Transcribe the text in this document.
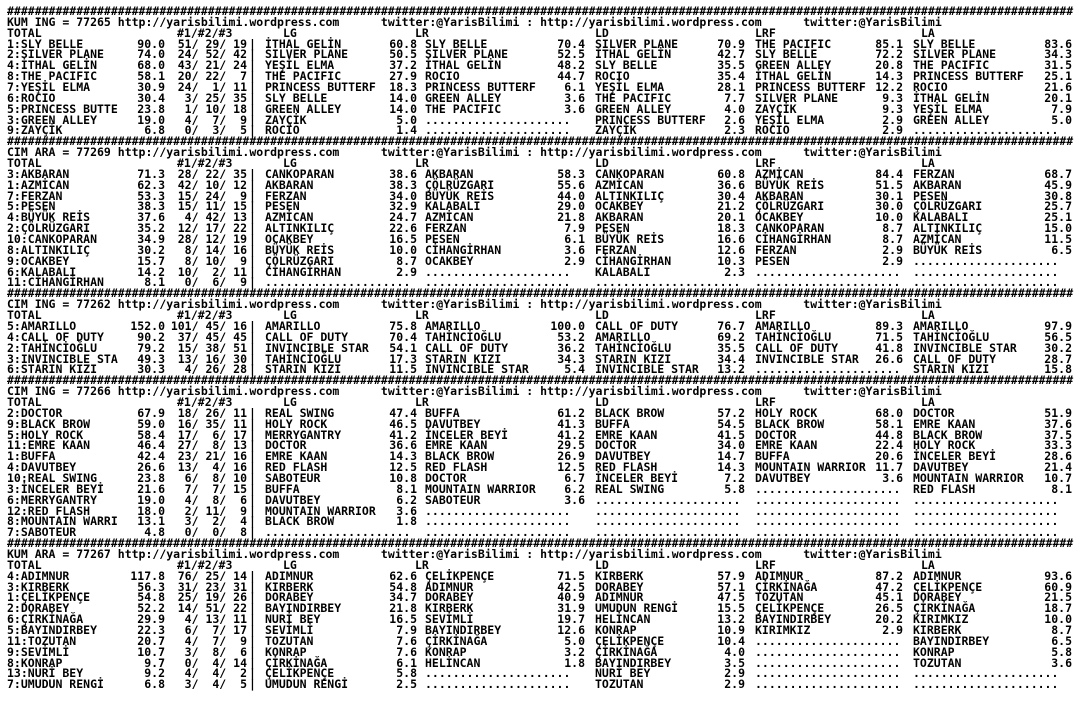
##########################################################################################################################################################
KUM ING = 77265 http://yarisbilimi.wordpress.com	twitter:@YarisBilimi : http://yarisbilimi.wordpress.com	twitter:@YarisBilimi
TOTAL	#1/#2/#3	LG	LR	LD	LRF	LA
1:SLY BELLE	90.0 51/ 29/ 19 | İTHAL GELİN	60.8 SLY BELLE	70.4 SILVER PLANE	70.9 THE PACIFIC	85.1 SLY BELLE	83.6
2:SILVER PLANE	74.0 24/ 52/ 42 | SILVER PLANE	50.5 SILVER PLANE	52.5 İTHAL GELİN	42.7 SLY BELLE	72.2 SILVER PLANE	34.3
4:İTHAL GELİN	68.0 43/ 21/ 24 | YEŞİL ELMA	37.2 İTHAL GELİN	48.2 SLY BELLE	35.5 GREEN ALLEY	20.8 THE PACIFIC	31.5
8:THE PACIFIC	58.1 20/ 22/  7 | THE PACIFIC	27.9 ROCIO	44.7 ROCIO	35.4 İTHAL GELİN	14.3 PRINCESS BUTTERF	25.1
7:YEŞİL ELMA	30.9 24/  1/ 11 | PRINCESS BUTTERF	18.3 PRINCESS BUTTERF	6.1 YEŞİL ELMA	28.1 PRINCESS BUTTERF 12.2 ROCIO	21.6
6:ROCIO	30.4 3/ 25/ 35 | SLY BELLE	14.0 GREEN ALLEY	3.6 THE PACIFIC	7.7 SILVER PLANE	9.3 İTHAL GELİN	20.1
5:PRINCESS BUTTE	23.8 1/ 10/ 18 | GREEN ALLEY	14.0 THE PACIFIC	3.6 GREEN ALLEY	4.0 ZAYÇİK	9.3 YEŞİL ELMA	7.9
3:GREEN ALLEY	19.0 4/  7/  9 | ZAYÇİK	5.0 .....................	PRINCESS BUTTERF	2.6 YEŞİL ELMA	2.9 GREEN ALLEY	5.0
9:ZAYÇİK	6.8 0/  3/  5 | ROCİO	1.4 .....................	ZAYÇİK	2.3 ROCIO	2.9 .....................
##########################################################################################################################################################
CIM ARA = 77269 http://yarisbilimi.wordpress.com	twitter:@YarisBilimi : http://yarisbilimi.wordpress.com	twitter:@YarisBilimi
TOTAL	#1/#2/#3	LG	LR	LD	LRF	LA
3:AKBARAN	71.3 28/ 22/ 35 | CANKOPARAN	38.6 AKBARAN	58.3 CANKOPARAN	60.8 AZMİCAN	84.4 FERZAN	68.7
1:AZMİCAN	62.3 42/ 10/ 12 | AKBARAN	38.3 ÇÖLRÜZGARI	55.6 AZMİCAN	36.6 BÜYÜK REİS	51.5 AKBARAN	45.9
7:FERZAN	53.3 15/ 24/  9 | FERZAN	34.0 BÜYÜK REİS	44.0 ALTINKILIÇ	30.4 AKBARAN	30.1 PESEN	30.8
5:PESEN	38.3 15/ 11/ 15 | PESEN	32.9 KALABALI	29.0 OCAKBEY	21.2 ÇÖLRÜZGARI	30.0 ÇÖLRÜZGARI	25.7
4:BÜYÜK REİS	37.6 4/ 42/ 13 | AZMİCAN	24.7 AZMİCAN	21.8 AKBARAN	20.1 OCAKBEY	10.0 KALABALI	25.1
2:ÇÖLRÜZGARI	35.2 12/ 17/ 22 | ALTINKILIÇ	22.6 FERZAN	7.9 PESEN	18.3 CANKOPARAN	8.7 ALTINKILIÇ	15.0
10:CANKOPARAN	34.9 28/ 12/ 19 | OCAKBEY	16.5 PESEN	6.1 BÜYÜK REİS	16.6 CİHANGİRHAN	8.7 AZMİCAN	11.5
8:ALTINKILIÇ	30.2 8/ 14/ 16 | BÜYÜK REİS	10.0 CİHANGİRHAN	3.6 FERZAN	12.6 FERZAN	2.9 BÜYÜK REİS	6.5
9:OCAKBEY	15.7 8/ 10/  9 | ÇÖLRÜZGARI	8.7 OCAKBEY	2.9 CİHANGİRHAN	10.3 PESEN	2.9 .....................
6:KALABALI	14.2 10/  2/ 11 | CİHANGİRHAN	2.9 .....................	KALABALI	2.3 ..................... .....................
11:CİHANGİRHAN	8.1 0/  6/  9 | .....................	.....................	.....................	..................... .....................
##########################################################################################################################################################
CIM ING = 77262 http://yarisbilimi.wordpress.com	twitter:@YarisBilimi : http://yarisbilimi.wordpress.com	twitter:@YarisBilimi
TOTAL	#1/#2/#3	LG	LR	LD	LRF	LA
5:AMARILLO	152.0 101/ 45/ 16 | AMARILLO	75.8 AMARILLO	100.0 CALL OF DUTY	76.7 AMARILLO	89.3 AMARILLO	97.9
4:CALL OF DUTY	90.2 37/ 45/ 45 | CALL OF DUTY	70.4 TAHİNCİOĞLU	53.2 AMARILLO	69.2 TAHİNCİOĞLU	71.5 TAHİNCİOĞLU	56.5
2:TAHİNCİOĞLU	79.2 15/ 38/ 51 | INVINCIBLE STAR	54.1 CALL OF DUTY	36.2 TAHİNCİOĞLU	35.5 CALL OF DUTY	41.8 INVINCIBLE STAR	30.2
3:INVINCIBLE STA	49.3 13/ 16/ 30 | TAHİNCİOĞLU	17.3 STARIN KIZI	34.3 STARIN KIZI	34.4 INVINCIBLE STAR	26.6 CALL OF DUTY	28.7
6:STARIN KIZI	30.3 4/ 26/ 28 | STARIN KIZI	11.5 INVINCIBLE STAR	5.4 INVINCIBLE STAR	13.2 ..................... STARIN KIZI	15.8
##########################################################################################################################################################
CIM ING = 77266 http://yarisbilimi.wordpress.com	twitter:@YarisBilimi : http://yarisbilimi.wordpress.com	twitter:@YarisBilimi
TOTAL	#1/#2/#3	LG	LR	LD	LRF	LA
2:DOCTOR	67.9 18/ 26/ 11 | REAL SWING	47.4 BUFFA	61.2 BLACK BROW	57.2 HOLY ROCK	68.0 DOCTOR	51.9
9:BLACK BROW	59.0 16/ 35/ 11 | HOLY ROCK	46.5 DAVUTBEY	41.3 BUFFA	54.5 BLACK BROW	58.1 EMRE KAAN	37.6
5:HOLY ROCK	58.4 17/  6/ 17 | MERRYGANTRY	41.2 İNCELER BEYİ	41.2 EMRE KAAN	41.5 DOCTOR	44.8 BLACK BROW	37.5
11:EMRE KAAN	46.4 27/  8/ 13 | DOCTOR	36.6 EMRE KAAN	29.5 DOCTOR	34.0 EMRE KAAN	22.4 HOLY ROCK	33.3
1:BUFFA	42.4 23/ 21/ 16 | EMRE KAAN	14.3 BLACK BROW	26.9 DAVUTBEY	14.7 BUFFA	20.6 İNCELER BEYİ	28.6
4:DAVUTBEY	26.6 13/  4/ 16 | RED FLASH	12.5 RED FLASH	12.5 RED FLASH	14.3 MOUNTAIN WARRIOR 11.7 DAVUTBEY	21.4
10:REAL SWING	23.8 6/  8/ 10 | SABOTEUR	10.8 DOCTOR	6.7 İNCELER BEYİ	7.2 DAVUTBEY	3.6 MOUNTAIN WARRIOR	10.7
3:İNCELER BEYİ	21.6 7/  7/ 15 | BUFFA	8.1 MOUNTAIN WARRIOR	6.2 REAL SWING	5.8 ..................... RED FLASH	8.1
6:MERRYGANTRY	19.0 4/  8/  6 | DAVUTBEY	6.2 SABOTEUR	3.6 .....................	..................... .....................
12:RED FLASH	18.0 2/ 11/  9 | MOUNTAIN WARRIOR	3.6 .....................	.....................	..................... .....................
8:MOUNTAIN WARRI	13.1 3/  2/  4 | BLACK BROW	1.8 .....................	.....................	..................... .....................
7:SABOTEUR	4.8 0/  0/  8 | .....................	.....................	.....................	..................... .....................
##########################################################################################################################################################
KUM ARA = 77267 http://yarisbilimi.wordpress.com	twitter:@YarisBilimi : http://yarisbilimi.wordpress.com	twitter:@YarisBilimi
TOTAL	#1/#2/#3	LG	LR	LD	LRF	LA
4:ADIMNUR	117.8 76/ 25/ 14 | ADIMNUR	62.6 ÇELİKPENÇE	71.5 KIRBERK	57.9 ADIMNUR	87.2 ADIMNUR	93.6
3:KIRBERK	56.3 31/ 23/ 31 | KIRBERK	54.8 ADIMNUR	42.5 DORABEY	57.1 ÇİRKİNAĞA	47.2 ÇELİKPENÇE	60.9
1:ÇELİKPENÇE	54.8 25/ 19/ 26 | DORABEY	34.7 DORABEY	40.9 ADIMNUR	47.5 TOZUTAN	45.1 DORABEY	21.5
2:DORABEY	52.2 14/ 51/ 22 | BAYINDIRBEY	21.8 KIRBERK	31.9 UMUDUN RENGİ	15.5 ÇELİKPENÇE	26.5 ÇİRKİNAĞA	18.7
6:ÇİRKİNAĞA	29.9 4/ 13/ 11 | NURİ BEY	16.5 SEVİMLİ	19.7 HELİNCAN	13.2 BAYINDIRBEY	20.2 KIRIMKIZ	10.0
5:BAYINDIRBEY	22.3 6/  7/ 17 | SEVİMLİ	7.9 BAYINDIRBEY	12.6 KONRAP	10.9 KIRIMKIZ	2.9 KIRBERK	8.7
11:TOZUTAN	20.7 4/  7/  9 | TOZUTAN	7.6 ÇİRKİNAĞA	5.0 ÇELİKPENÇE	10.4 ..................... BAYINDIRBEY	6.5
9:SEVİMLİ	10.7 3/  8/  6 | KONRAP	7.6 KONRAP	3.2 ÇİRKİNAĞA	4.0 ..................... KONRAP	5.8
8:KONRAP	9.7 0/  4/ 14 | ÇİRKİNAĞA	6.1 HELİNCAN	1.8 BAYINDIRBEY	3.5 ..................... TOZUTAN	3.6
13:NURİ BEY	9.2 4/  4/  2 | ÇELİKPENÇE	5.8 .....................	NURİ BEY	2.9 ..................... .....................
7:UMUDUN RENGİ	6.8 3/  4/  5 | UMUDUN RENGİ	2.5 .....................	TOZUTAN	2.9 ..................... .....................
